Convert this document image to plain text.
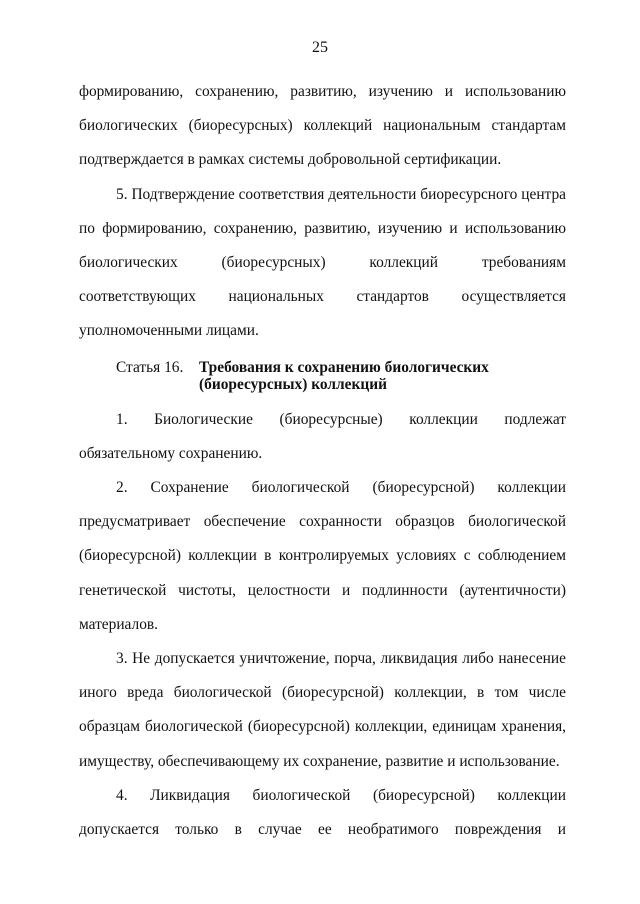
25

формированию, сохранению, развитию, изучению и использованию биологических (биоресурсных) коллекций национальным стандартам подтверждается в рамках системы добровольной сертификации.

5. Подтверждение соответствия деятельности биоресурсного центра по формированию, сохранению, развитию, изучению и использованию биологических (биоресурсных) коллекций требованиям соответствующих национальных стандартов осуществляется уполномоченными лицами.

Статья 16.	Требования к сохранению биологических
(биоресурсных) коллекций

1. Биологические (биоресурсные) коллекции подлежат обязательному сохранению.

2. Сохранение биологической (биоресурсной) коллекции предусматривает обеспечение сохранности образцов биологической (биоресурсной) коллекции в контролируемых условиях с соблюдением генетической чистоты, целостности и подлинности (аутентичности) материалов.

3. Не допускается уничтожение, порча, ликвидация либо нанесение иного вреда биологической (биоресурсной) коллекции, в том числе образцам биологической (биоресурсной) коллекции, единицам хранения, имуществу, обеспечивающему их сохранение, развитие и использование.

4. Ликвидация биологической (биоресурсной) коллекции допускается только в случае ее необратимого повреждения и
